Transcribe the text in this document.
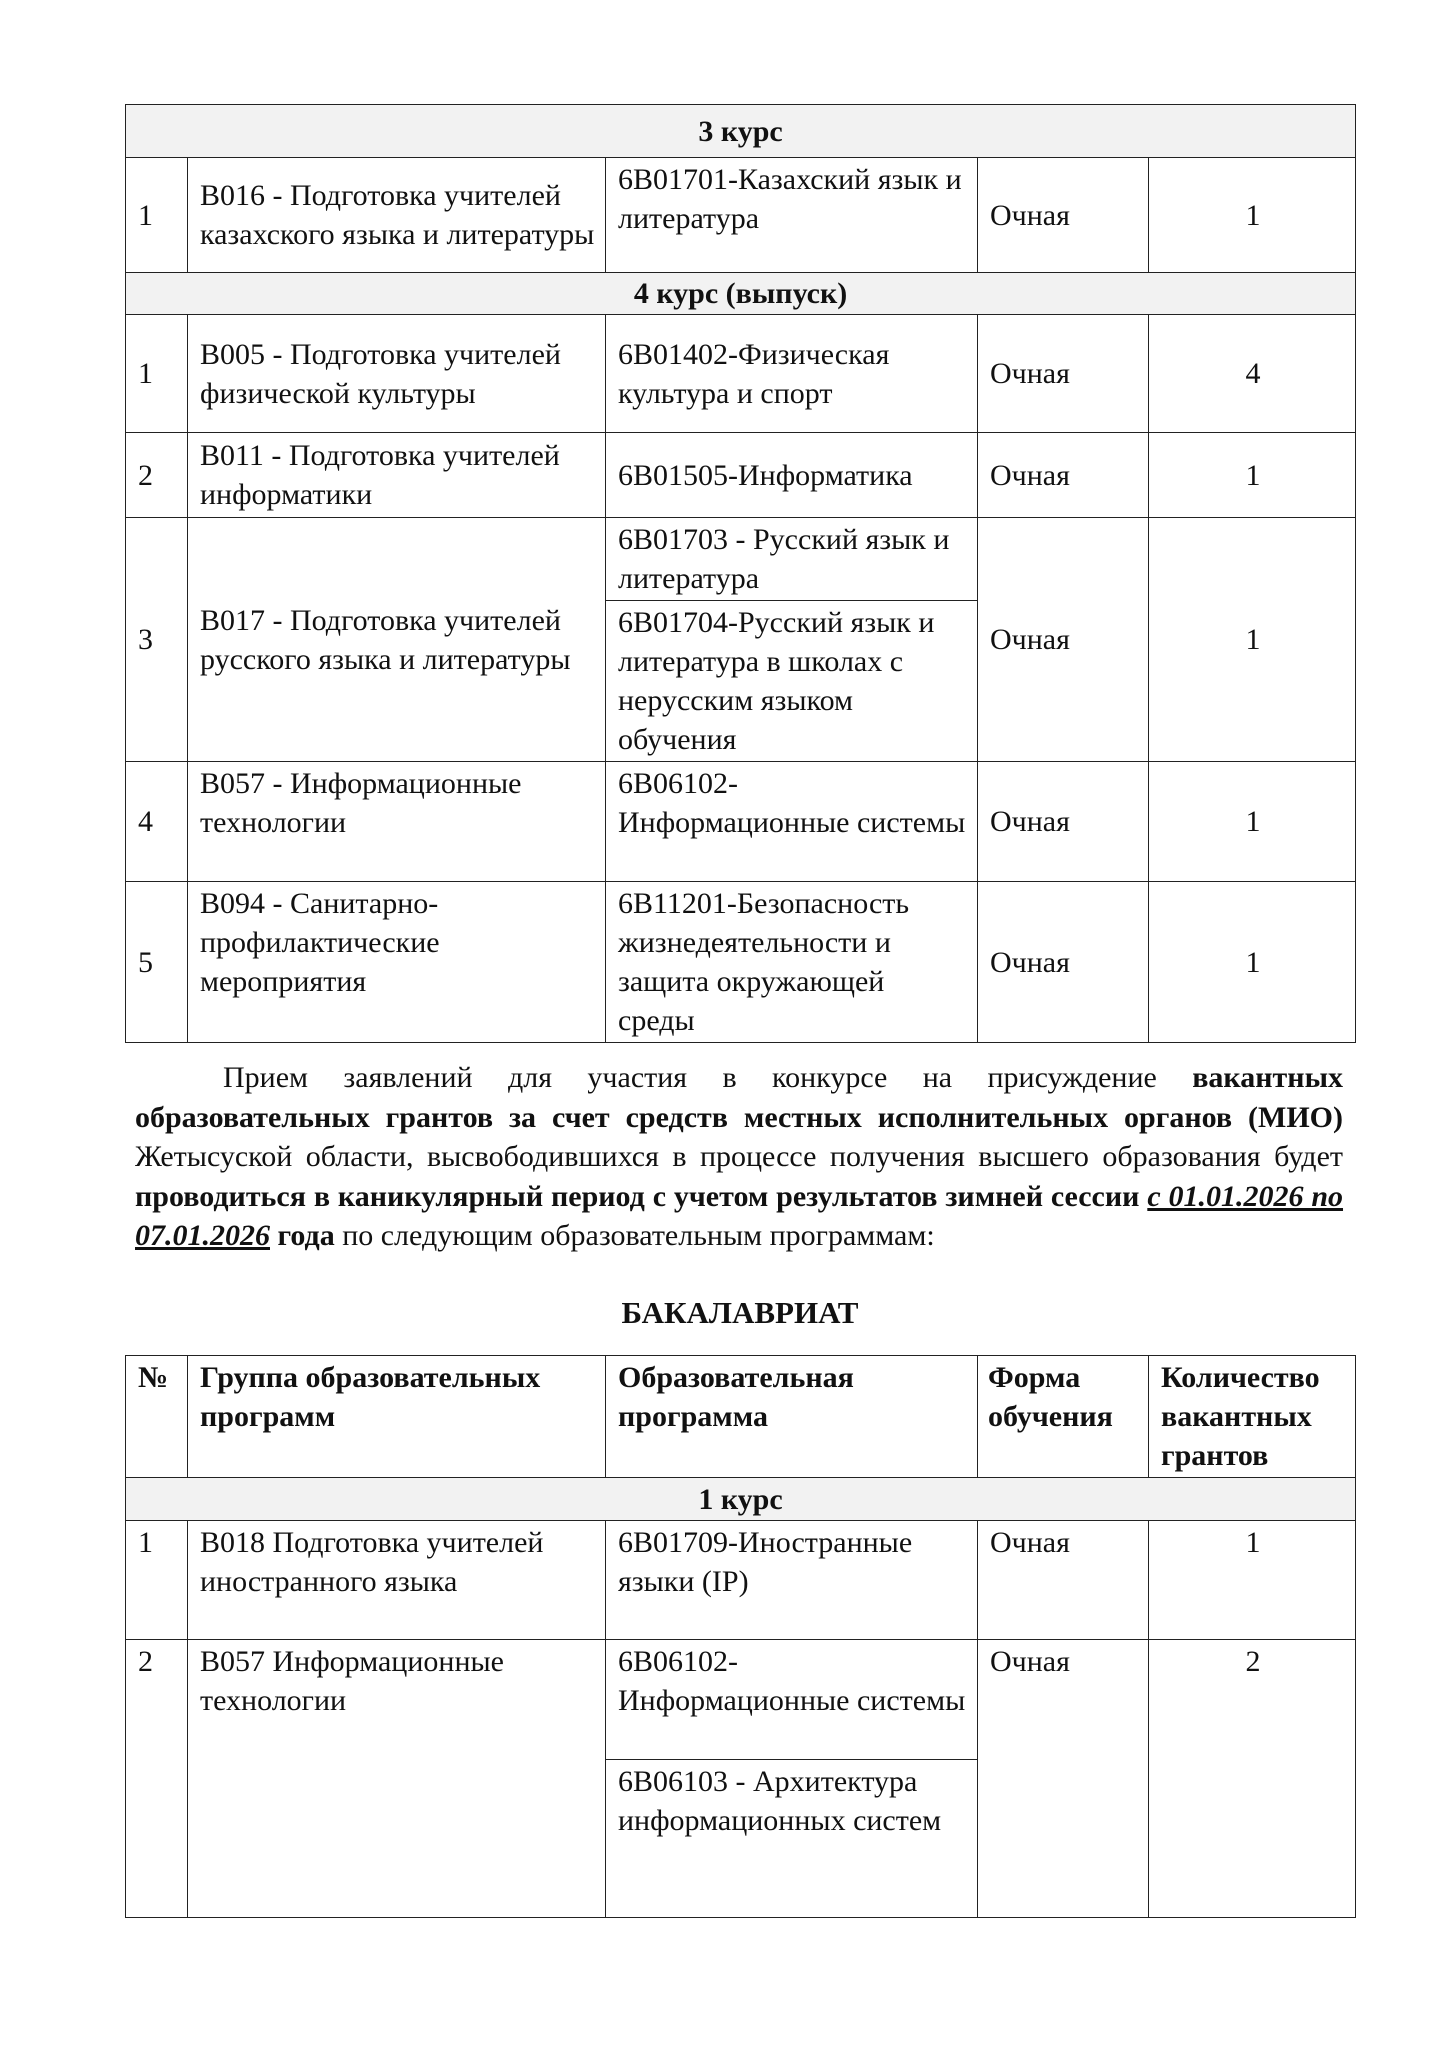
3 курс				
1	B016 - Подготовка учителей казахского языка и литературы	6B01701-Казахский язык и литература	Очная	1
4 курс (выпуск)				
1	B005 - Подготовка учителей физической культуры	6B01402-Физическая культура и спорт	Очная	4
2	B011 - Подготовка учителей информатики	6B01505-Информатика	Очная	1
3	B017 - Подготовка учителей русского языка и литературы	6B01703 - Русский язык и литература	Очная	1
		6B01704-Русский язык и литература в школах с нерусским языком обучения		
4	B057 - Информационные технологии	6B06102-Информационные системы	Очная	1
5	B094 - Санитарно-профилактические мероприятия	6B11201-Безопасность жизнедеятельности и защита окружающей среды	Очная	1
Прием заявлений для участия в конкурсе на присуждение вакантных образовательных грантов за счет средств местных исполнительных органов (МИО) Жетысуской области, высвободившихся в процессе получения высшего образования будет проводиться в каникулярный период с учетом результатов зимней сессии с 01.01.2026 по 07.01.2026 года по следующим образовательным программам:
БАКАЛАВРИАТ
№	Группа образовательных программ	Образовательная программа	Форма обучения	Количество вакантных грантов
1 курс				
1	B018 Подготовка учителей иностранного языка	6B01709-Иностранные языки (IP)	Очная	1
2	B057 Информационные технологии	6B06102-Информационные системы	Очная	2
		6B06103 - Архитектура информационных систем		
